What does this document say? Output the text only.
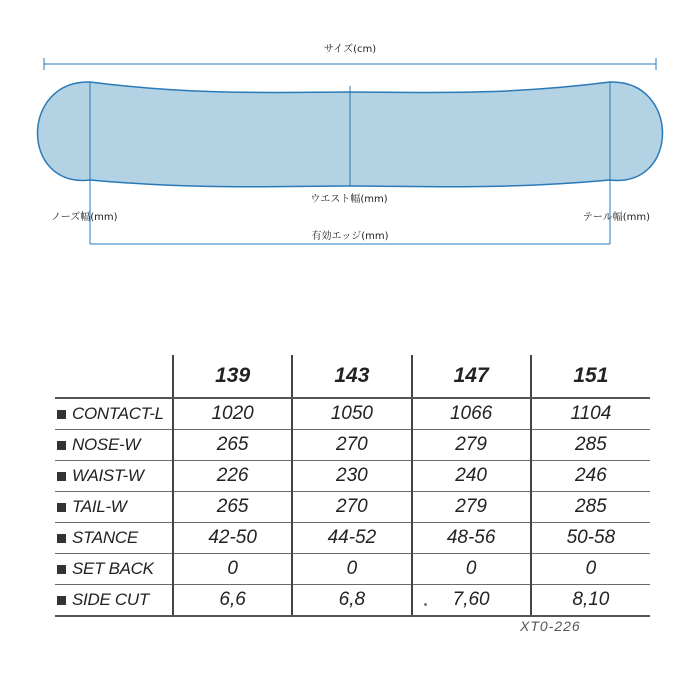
サイズ(cm)
ウエスト幅(mm)
ノーズ幅(mm)	テール幅(mm)
有効エッジ(mm)
	139	143	147	151
CONTACT-L	1020	1050	1066	1104
NOSE-W	265	270	279	285
WAIST-W	226	230	240	246
TAIL-W	265	270	279	285
STANCE	42-50	44-52	48-56	50-58
SET BACK	0	0	0	0
SIDE CUT	6,6	6,8	7,60	8,10
XT0-226
